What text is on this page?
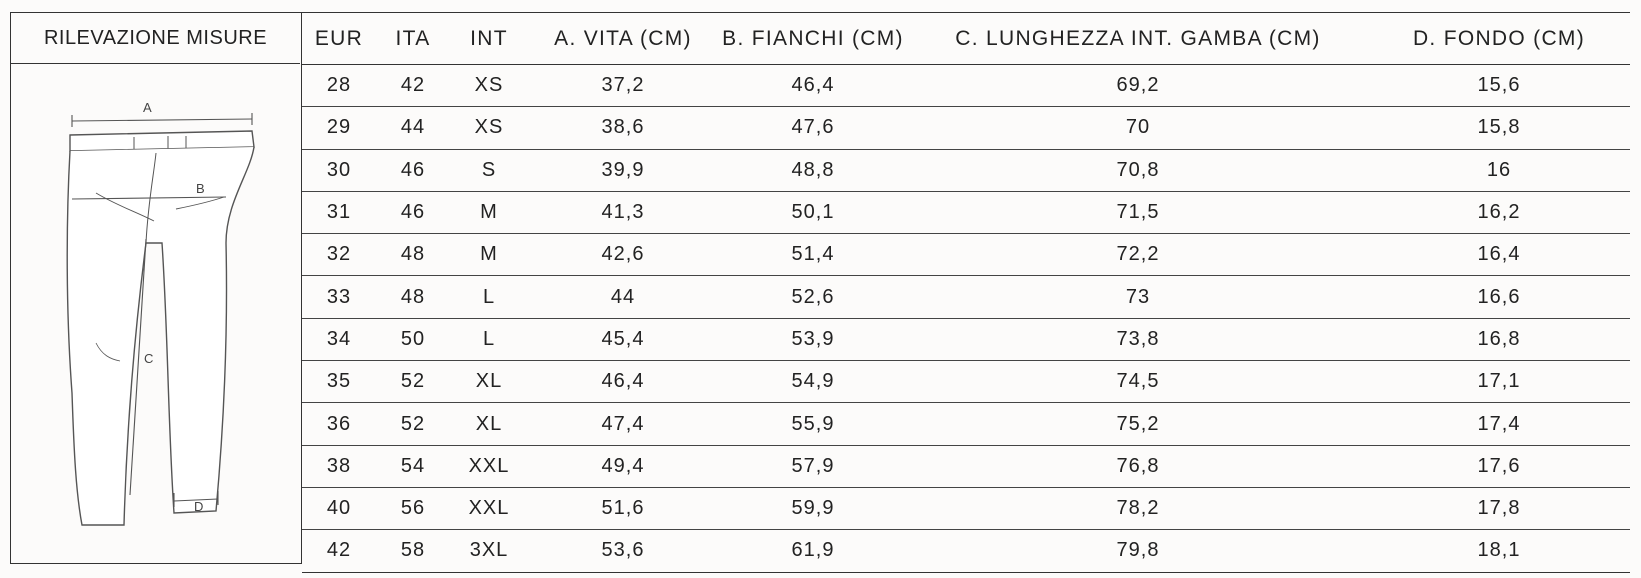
RILEVAZIONE MISURE
A
B
C
D
EUR	ITA	INT	A. VITA (CM)	B. FIANCHI (CM)	C. LUNGHEZZA INT. GAMBA (CM)	D. FONDO (CM)
28	42	XS	37,2	46,4	69,2	15,6
29	44	XS	38,6	47,6	70	15,8
30	46	S	39,9	48,8	70,8	16
31	46	M	41,3	50,1	71,5	16,2
32	48	M	42,6	51,4	72,2	16,4
33	48	L	44	52,6	73	16,6
34	50	L	45,4	53,9	73,8	16,8
35	52	XL	46,4	54,9	74,5	17,1
36	52	XL	47,4	55,9	75,2	17,4
38	54	XXL	49,4	57,9	76,8	17,6
40	56	XXL	51,6	59,9	78,2	17,8
42	58	3XL	53,6	61,9	79,8	18,1
